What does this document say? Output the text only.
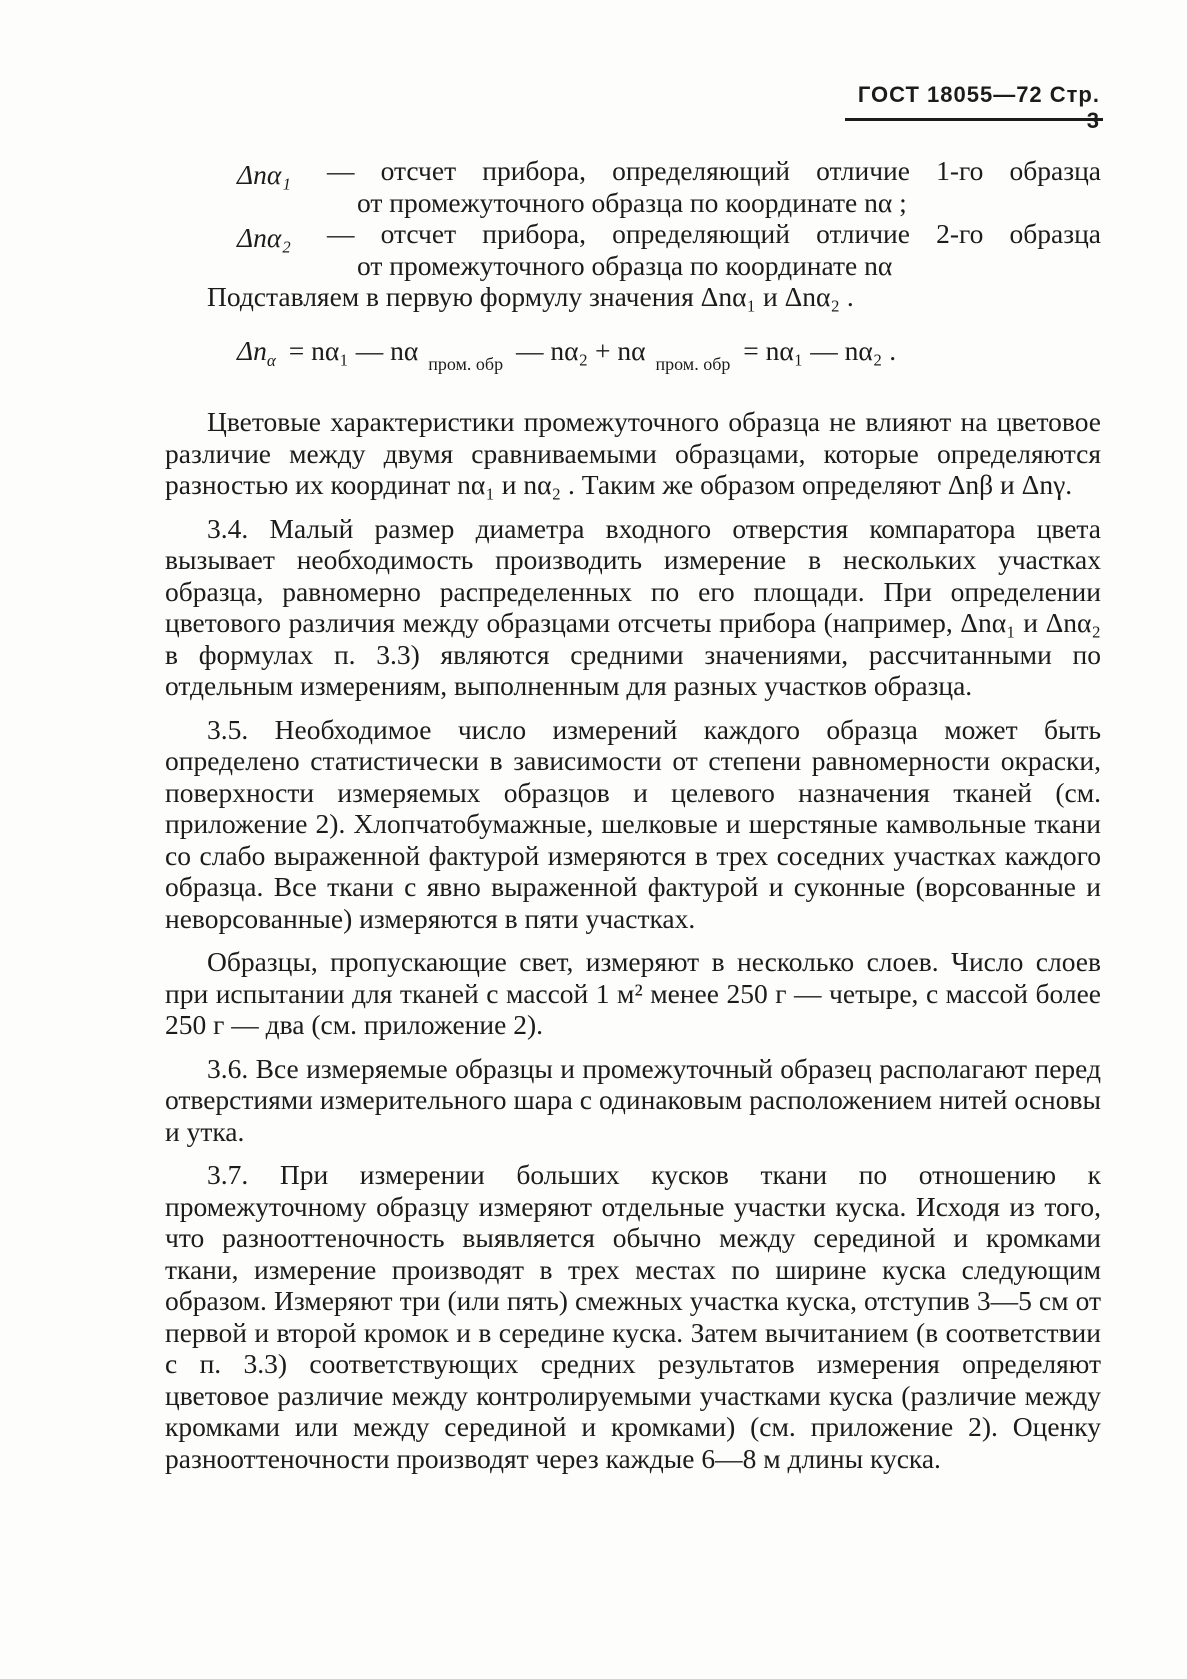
ГОСТ 18055—72 Стр.
Δnα₁	— отсчет прибора, определяющий отличие 1-го образца
от промежуточного образца по координате nα ;
Δnα₂	— отсчет прибора, определяющий отличие 2-го образца
от промежуточного образца по координате nα

Подставляем в первую формулу значения Δnα₁ и Δnα₂ .

$\Delta n_\alpha = n\alpha_1$ — nα $_{пром. обр}$ — nα₂ + nα $_{пром. обр}$ = nα₁ — nα₂ .

Цветовые характеристики промежуточного образца не влияют на цветовое различие между двумя сравниваемыми образцами, которые определяются разностью их координат nα₁ и nα₂ . Таким же образом определяют Δnβ и Δnγ.

3.4. Малый размер диаметра входного отверстия компаратора цвета вызывает необходимость производить измерение в нескольких участках образца, равномерно распределенных по его площади. При определении цветового различия между образцами отсчеты прибора (например, Δnα₁ и Δnα₂ в формулах п. 3.3) являются средними значениями, рассчитанными по отдельным измерениям, выполненным для разных участков образца.

3.5. Необходимое число измерений каждого образца может быть определено статистически в зависимости от степени равномерности окраски, поверхности измеряемых образцов и целевого назначения тканей (см. приложение 2). Хлопчатобумажные, шелковые и шерстяные камвольные ткани со слабо выраженной фактурой измеряются в трех соседних участках каждого образца. Все ткани с явно выраженной фактурой и суконные (ворсованные и неворсованные) измеряются в пяти участках.

Образцы, пропускающие свет, измеряют в несколько слоев. Число слоев при испытании для тканей с массой 1 м² менее 250 г — четыре, с массой более 250 г — два (см. приложение 2).

3.6. Все измеряемые образцы и промежуточный образец располагают перед отверстиями измерительного шара с одинаковым расположением нитей основы и утка.

3.7. При измерении больших кусков ткани по отношению к промежуточному образцу измеряют отдельные участки куска. Исходя из того, что разнооттеночность выявляется обычно между серединой и кромками ткани, измерение производят в трех местах по ширине куска следующим образом. Измеряют три (или пять) смежных участка куска, отступив 3—5 см от первой и второй кромок и в середине куска. Затем вычитанием (в соответствии с п. 3.3) соответствующих средних результатов измерения определяют цветовое различие между контролируемыми участками куска (различие между кромками или между серединой и кромками) (см. приложение 2). Оценку разнооттеночности производят через каждые 6—8 м длины куска.
